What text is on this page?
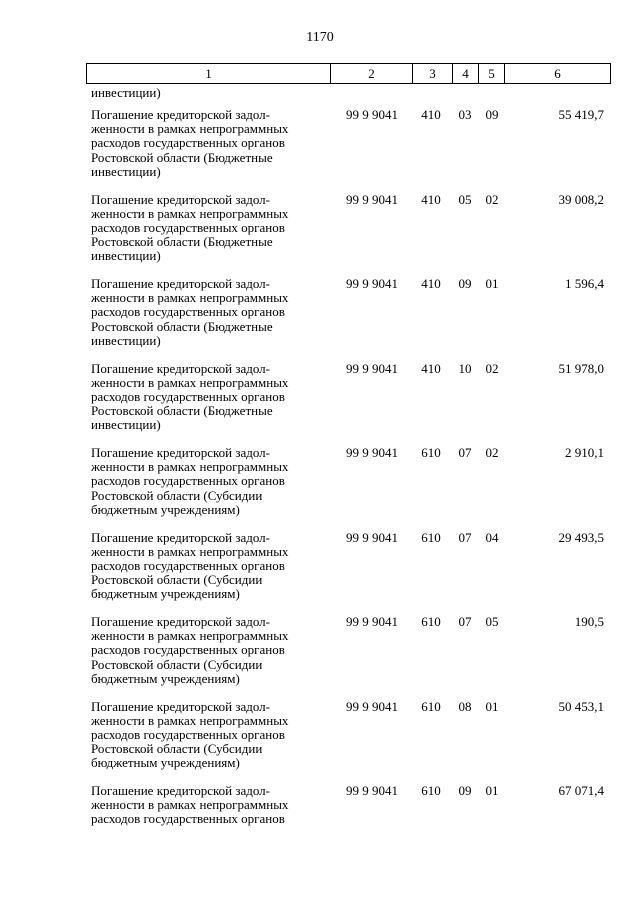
1170
1	2	3	4	5	6
инвестиции)
Погашение кредиторской задол-
женности в рамках непрограммных
расходов государственных органов
Ростовской области (Бюджетные
инвестиции)
99 9 9041	410	03	09	55 419,7
Погашение кредиторской задол-
женности в рамках непрограммных
расходов государственных органов
Ростовской области (Бюджетные
инвестиции)
99 9 9041	410	05	02	39 008,2
Погашение кредиторской задол-
женности в рамках непрограммных
расходов государственных органов
Ростовской области (Бюджетные
инвестиции)
99 9 9041	410	09	01	1 596,4
Погашение кредиторской задол-
женности в рамках непрограммных
расходов государственных органов
Ростовской области (Бюджетные
инвестиции)
99 9 9041	410	10	02	51 978,0
Погашение кредиторской задол-
женности в рамках непрограммных
расходов государственных органов
Ростовской области (Субсидии
бюджетным учреждениям)
99 9 9041	610	07	02	2 910,1
Погашение кредиторской задол-
женности в рамках непрограммных
расходов государственных органов
Ростовской области (Субсидии
бюджетным учреждениям)
99 9 9041	610	07	04	29 493,5
Погашение кредиторской задол-
женности в рамках непрограммных
расходов государственных органов
Ростовской области (Субсидии
бюджетным учреждениям)
99 9 9041	610	07	05	190,5
Погашение кредиторской задол-
женности в рамках непрограммных
расходов государственных органов
Ростовской области (Субсидии
бюджетным учреждениям)
99 9 9041	610	08	01	50 453,1
Погашение кредиторской задол-
женности в рамках непрограммных
расходов государственных органов
99 9 9041	610	09	01	67 071,4
